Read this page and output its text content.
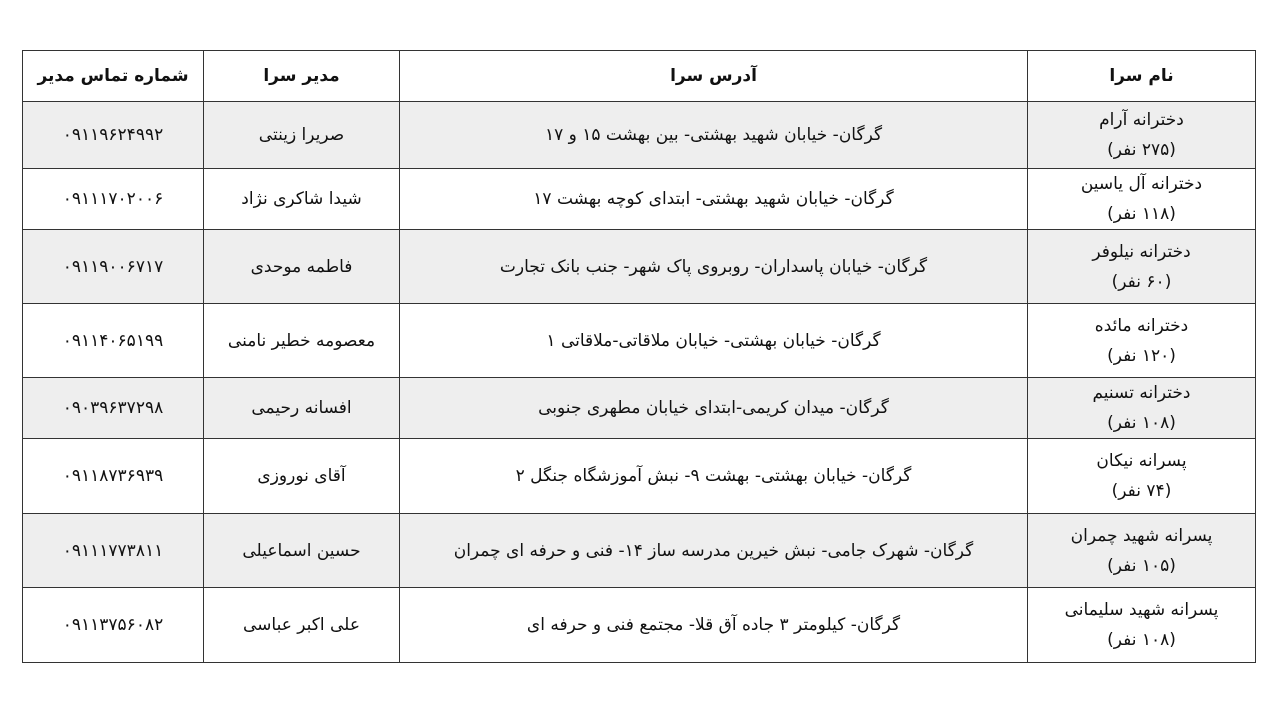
نام سرا	آدرس سرا	مدیر سرا	شماره تماس مدیر

دخترانه آرام
(۲۷۵ نفر)	گرگان- خیابان شهید بهشتی- بین بهشت ۱۵ و ۱۷	صریرا زینتی	۰۹۱۱۹۶۲۴۹۹۲

دخترانه آل یاسین
(۱۱۸ نفر)	گرگان- خیابان شهید بهشتی- ابتدای کوچه بهشت ۱۷	شیدا شاکری نژاد	۰۹۱۱۱۷۰۲۰۰۶

دخترانه نیلوفر
(۶۰ نفر)	گرگان- خیابان پاسداران- روبروی پاک شهر- جنب بانک تجارت	فاطمه موحدی	۰۹۱۱۹۰۰۶۷۱۷

دخترانه مائده
(۱۲۰ نفر)	گرگان- خیابان بهشتی- خیابان ملاقاتی-ملاقاتی ۱	معصومه خطیر نامنی	۰۹۱۱۴۰۶۵۱۹۹

دخترانه تسنیم
(۱۰۸ نفر)	گرگان- میدان کریمی-ابتدای خیابان مطهری جنوبی	افسانه رحیمی	۰۹۰۳۹۶۳۷۲۹۸

پسرانه نیکان
(۷۴ نفر)	گرگان- خیابان بهشتی- بهشت ۹- نبش آموزشگاه جنگل ۲	آقای نوروزی	۰۹۱۱۸۷۳۶۹۳۹

پسرانه شهید چمران
(۱۰۵ نفر)	گرگان- شهرک جامی- نبش خیرین مدرسه ساز ۱۴- فنی و حرفه ای چمران	حسین اسماعیلی	۰۹۱۱۱۷۷۳۸۱۱

پسرانه شهید سلیمانی
(۱۰۸ نفر)	گرگان- کیلومتر ۳ جاده آق قلا- مجتمع فنی و حرفه ای	علی اکبر عباسی	۰۹۱۱۳۷۵۶۰۸۲
